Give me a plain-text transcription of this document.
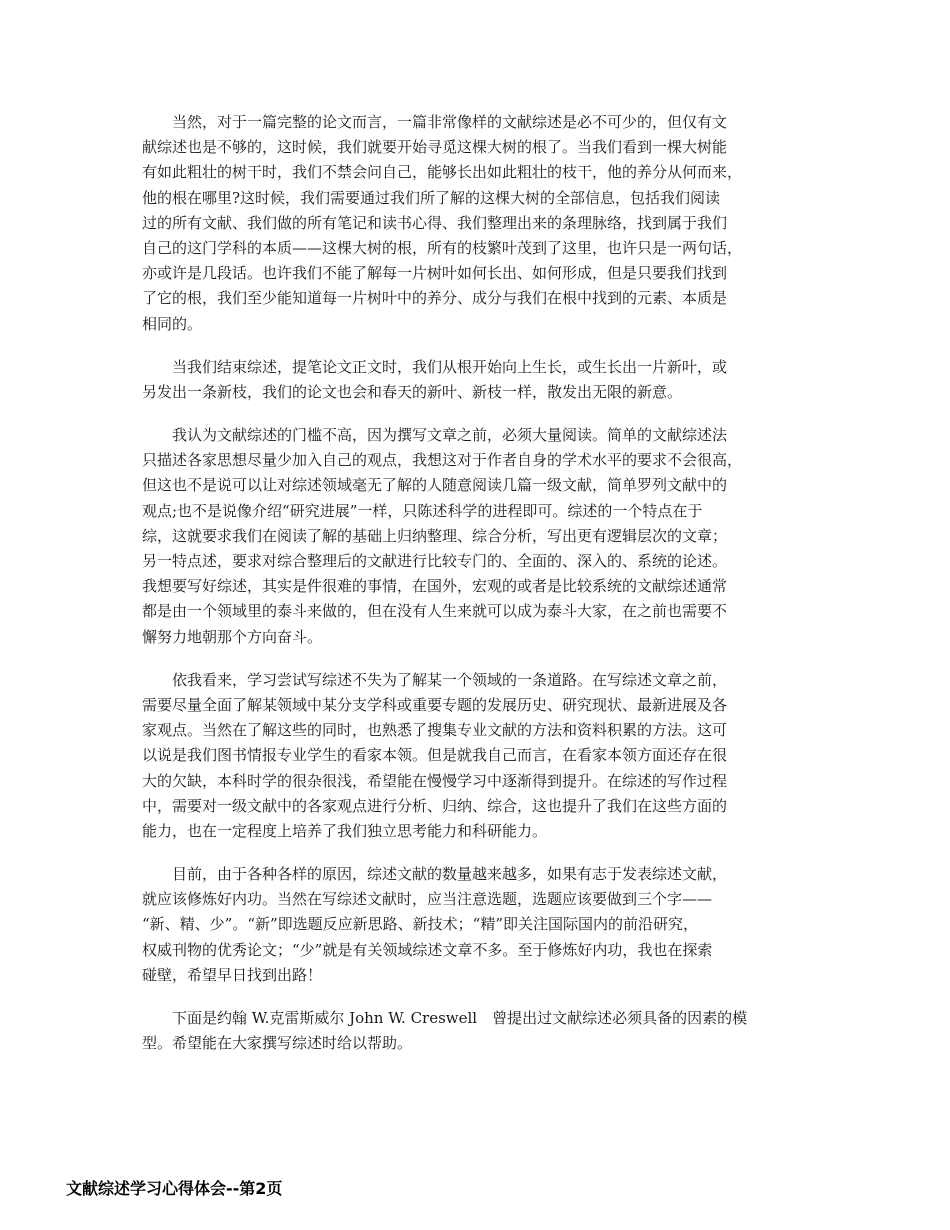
　　当然，对于一篇完整的论文而言，一篇非常像样的文献综述是必不可少的，但仅有文
献综述也是不够的，这时候，我们就要开始寻觅这棵大树的根了。当我们看到一棵大树能
有如此粗壮的树干时，我们不禁会问自己，能够长出如此粗壮的枝干，他的养分从何而来，
他的根在哪里?这时候，我们需要通过我们所了解的这棵大树的全部信息，包括我们阅读
过的所有文献、我们做的所有笔记和读书心得、我们整理出来的条理脉络，找到属于我们
自己的这门学科的本质——这棵大树的根，所有的枝繁叶茂到了这里，也许只是一两句话，
亦或许是几段话。也许我们不能了解每一片树叶如何长出、如何形成，但是只要我们找到
了它的根，我们至少能知道每一片树叶中的养分、成分与我们在根中找到的元素、本质是
相同的。
　　当我们结束综述，提笔论文正文时，我们从根开始向上生长，或生长出一片新叶，或
另发出一条新枝，我们的论文也会和春天的新叶、新枝一样，散发出无限的新意。
　　我认为文献综述的门槛不高，因为撰写文章之前，必须大量阅读。简单的文献综述法
只描述各家思想尽量少加入自己的观点，我想这对于作者自身的学术水平的要求不会很高，
但这也不是说可以让对综述领域毫无了解的人随意阅读几篇一级文献，简单罗列文献中的
观点;也不是说像介绍“研究进展”一样，只陈述科学的进程即可。综述的一个特点在于
综，这就要求我们在阅读了解的基础上归纳整理、综合分析，写出更有逻辑层次的文章；
另一特点述，要求对综合整理后的文献进行比较专门的、全面的、深入的、系统的论述。
我想要写好综述，其实是件很难的事情，在国外，宏观的或者是比较系统的文献综述通常
都是由一个领域里的泰斗来做的，但在没有人生来就可以成为泰斗大家，在之前也需要不
懈努力地朝那个方向奋斗。
　　依我看来，学习尝试写综述不失为了解某一个领域的一条道路。在写综述文章之前，
需要尽量全面了解某领域中某分支学科或重要专题的发展历史、研究现状、最新进展及各
家观点。当然在了解这些的同时，也熟悉了搜集专业文献的方法和资料积累的方法。这可
以说是我们图书情报专业学生的看家本领。但是就我自己而言，在看家本领方面还存在很
大的欠缺，本科时学的很杂很浅，希望能在慢慢学习中逐渐得到提升。在综述的写作过程
中，需要对一级文献中的各家观点进行分析、归纳、综合，这也提升了我们在这些方面的
能力，也在一定程度上培养了我们独立思考能力和科研能力。
　　目前，由于各种各样的原因，综述文献的数量越来越多，如果有志于发表综述文献，
就应该修炼好内功。当然在写综述文献时，应当注意选题，选题应该要做到三个字——
“新、精、少”。“新”即选题反应新思路、新技术；“精”即关注国际国内的前沿研究，
权威刊物的优秀论文；“少”就是有关领域综述文章不多。至于修炼好内功，我也在探索
碰壁，希望早日找到出路！
　　下面是约翰 W.克雷斯威尔 John W. Creswell　曾提出过文献综述必须具备的因素的模
型。希望能在大家撰写综述时给以帮助。
文献综述学习心得体会--第2页
